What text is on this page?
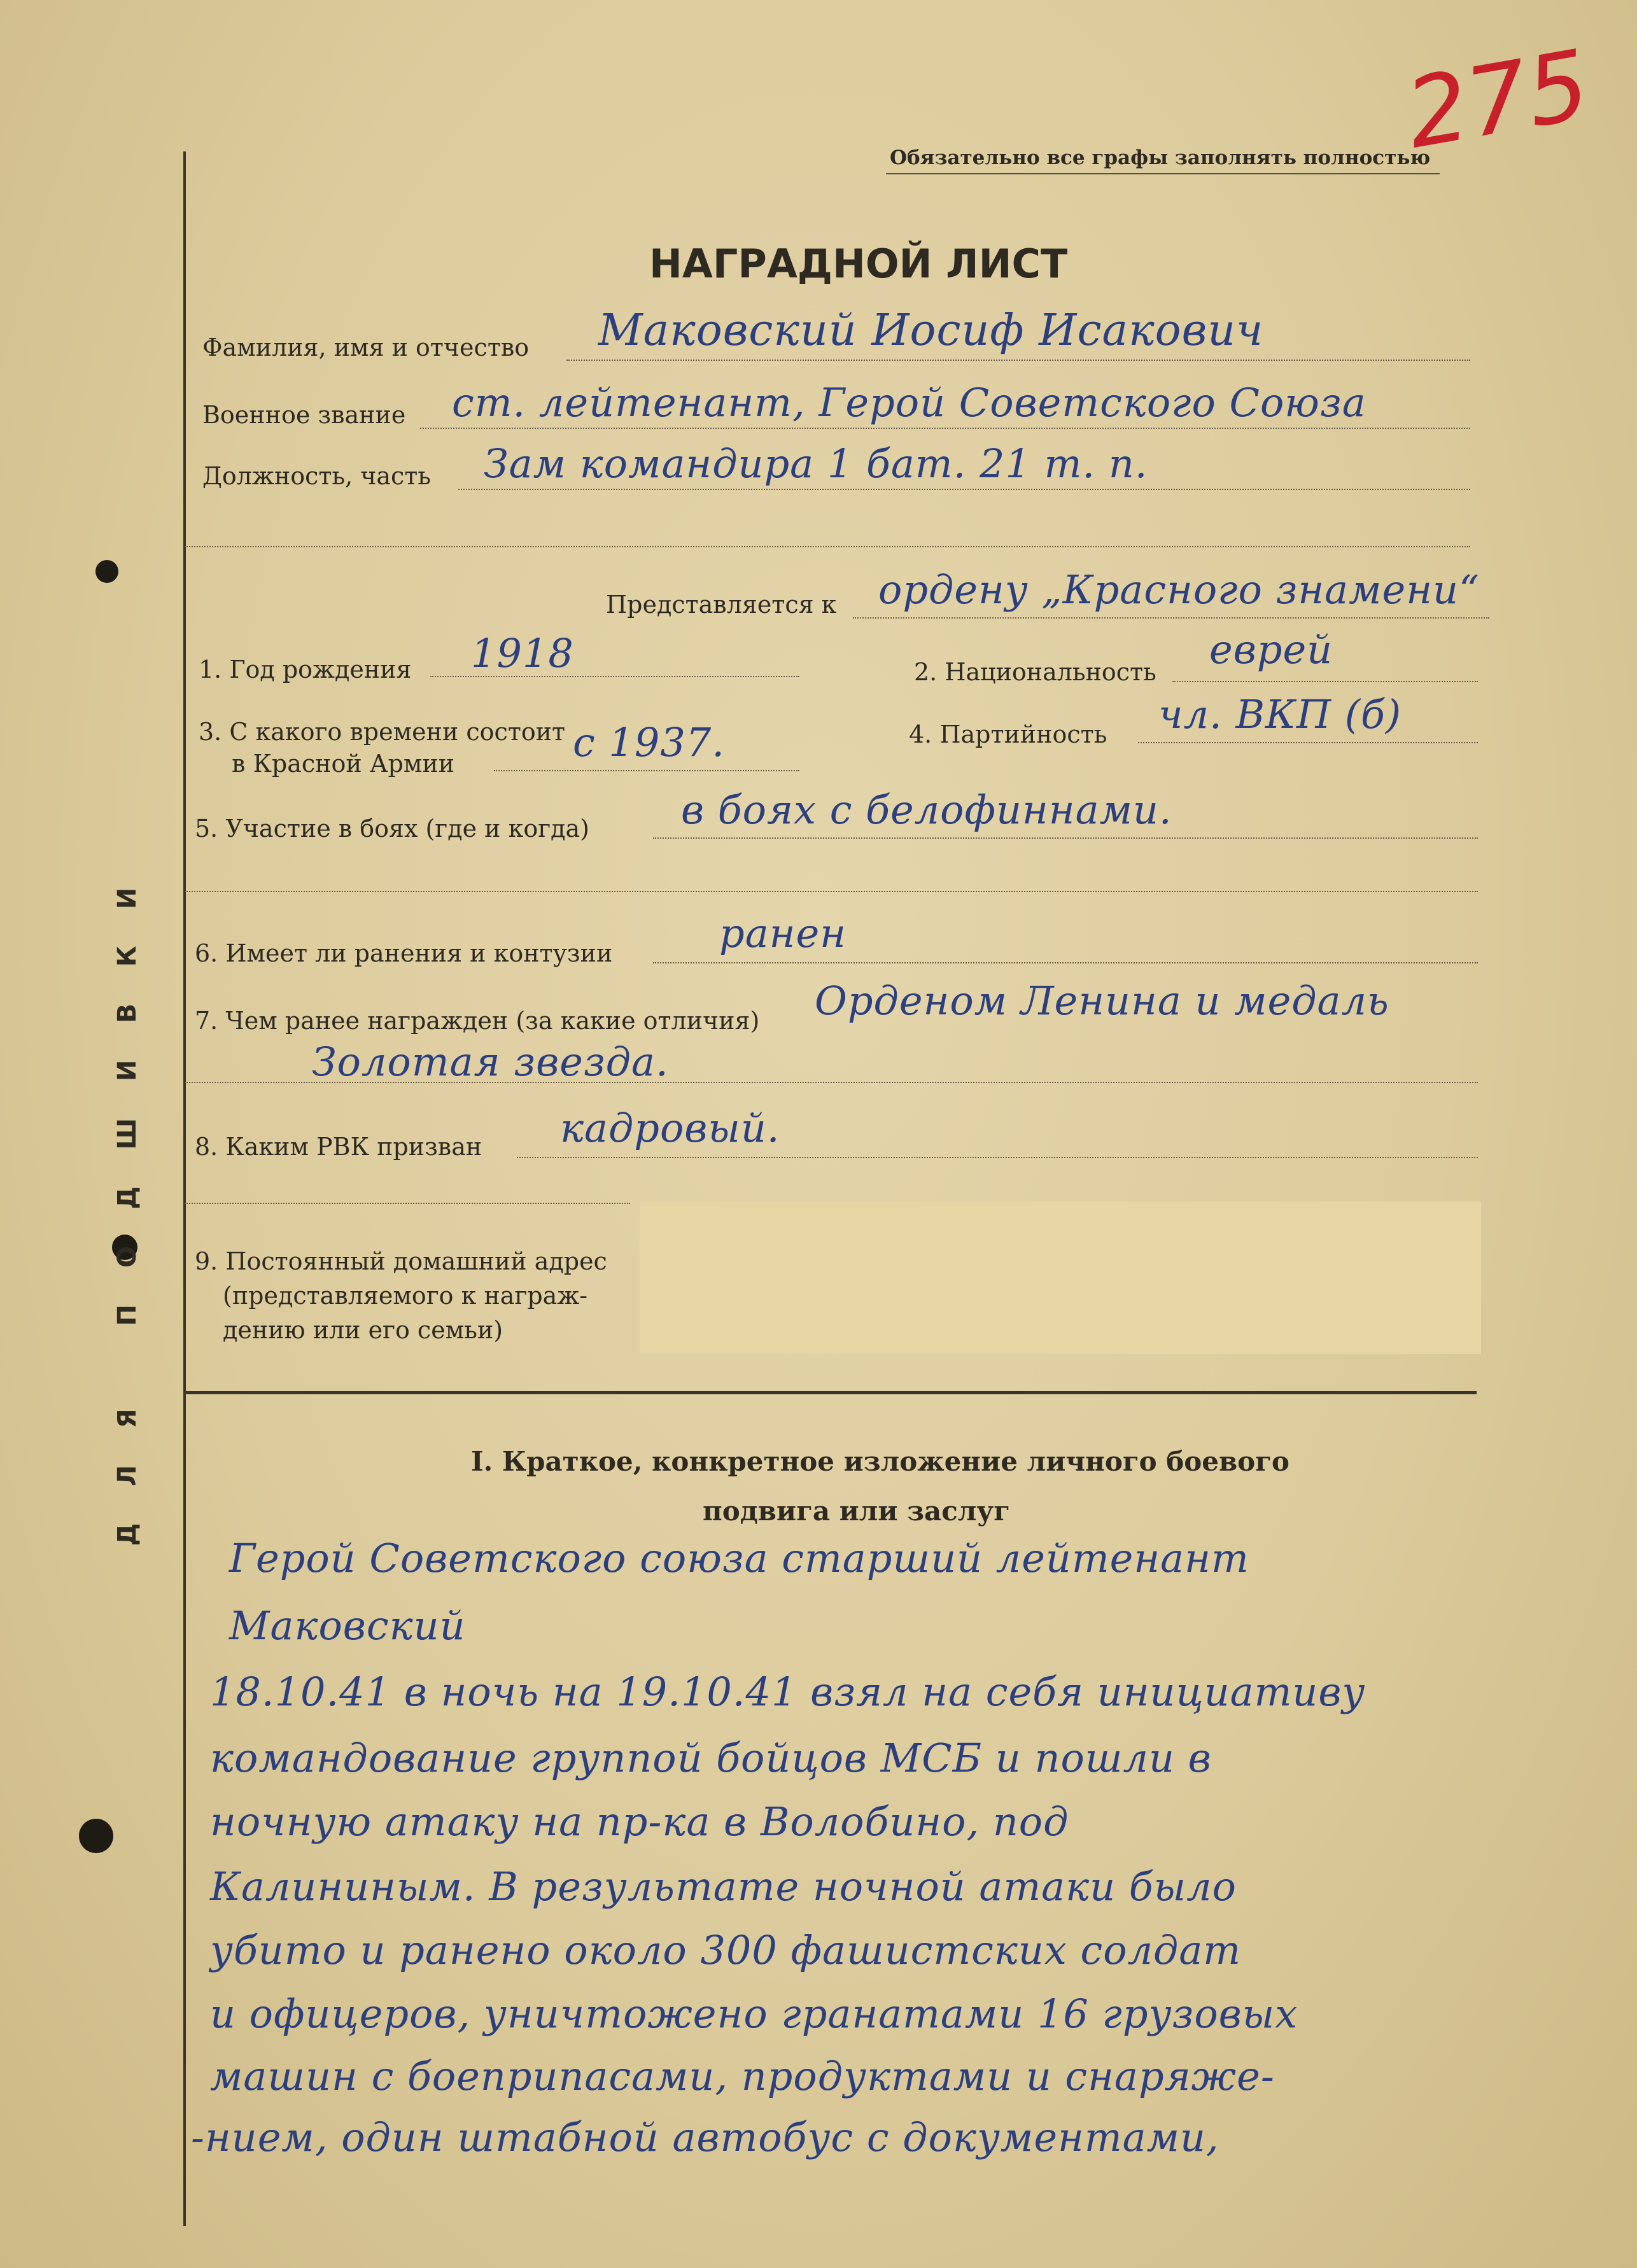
ДЛЯ ПОДШИВКИ
Обязательно все графы заполнять полностью
275
НАГРАДНОЙ ЛИСТ
Фамилия, имя и отчество Маковский Иосиф Исакович
Военное звание ст. лейтенант, Герой Советского Союза
Должность, часть Зам командира 1 бат. 21 т. п.
Представляется к ордену „Красного знамени“
1. Год рождения 1918	2. Национальность еврей
3. С какого времени состоит
в Красной Армии	с 1937.	4. Партийность чл. ВКП (б)
5. Участие в боях (где и когда) в боях с белофиннами.
6. Имеет ли ранения и контузии	ранен
7. Чем ранее награжден (за какие отличия) Орденом Ленина и медаль
Золотая звезда.
8. Каким РВК призван кадровый.
9. Постоянный домашний адрес
(представляемого к награж-
дению или его семьи)
I. Краткое, конкретное изложение личного боевого
подвига или заслуг
Герой Советского союза старший лейтенант
Маковский
18.10.41 в ночь на 19.10.41 взял на себя инициативу
командование группой бойцов МСБ и пошли в
ночную атаку на пр-ка в Волобино, под
Калининым. В результате ночной атаки было
убито и ранено около 300 фашистских солдат
и офицеров, уничтожено гранатами 16 грузовых
машин с боеприпасами, продуктами и снаряже-
-нием, один штабной автобус с документами,
